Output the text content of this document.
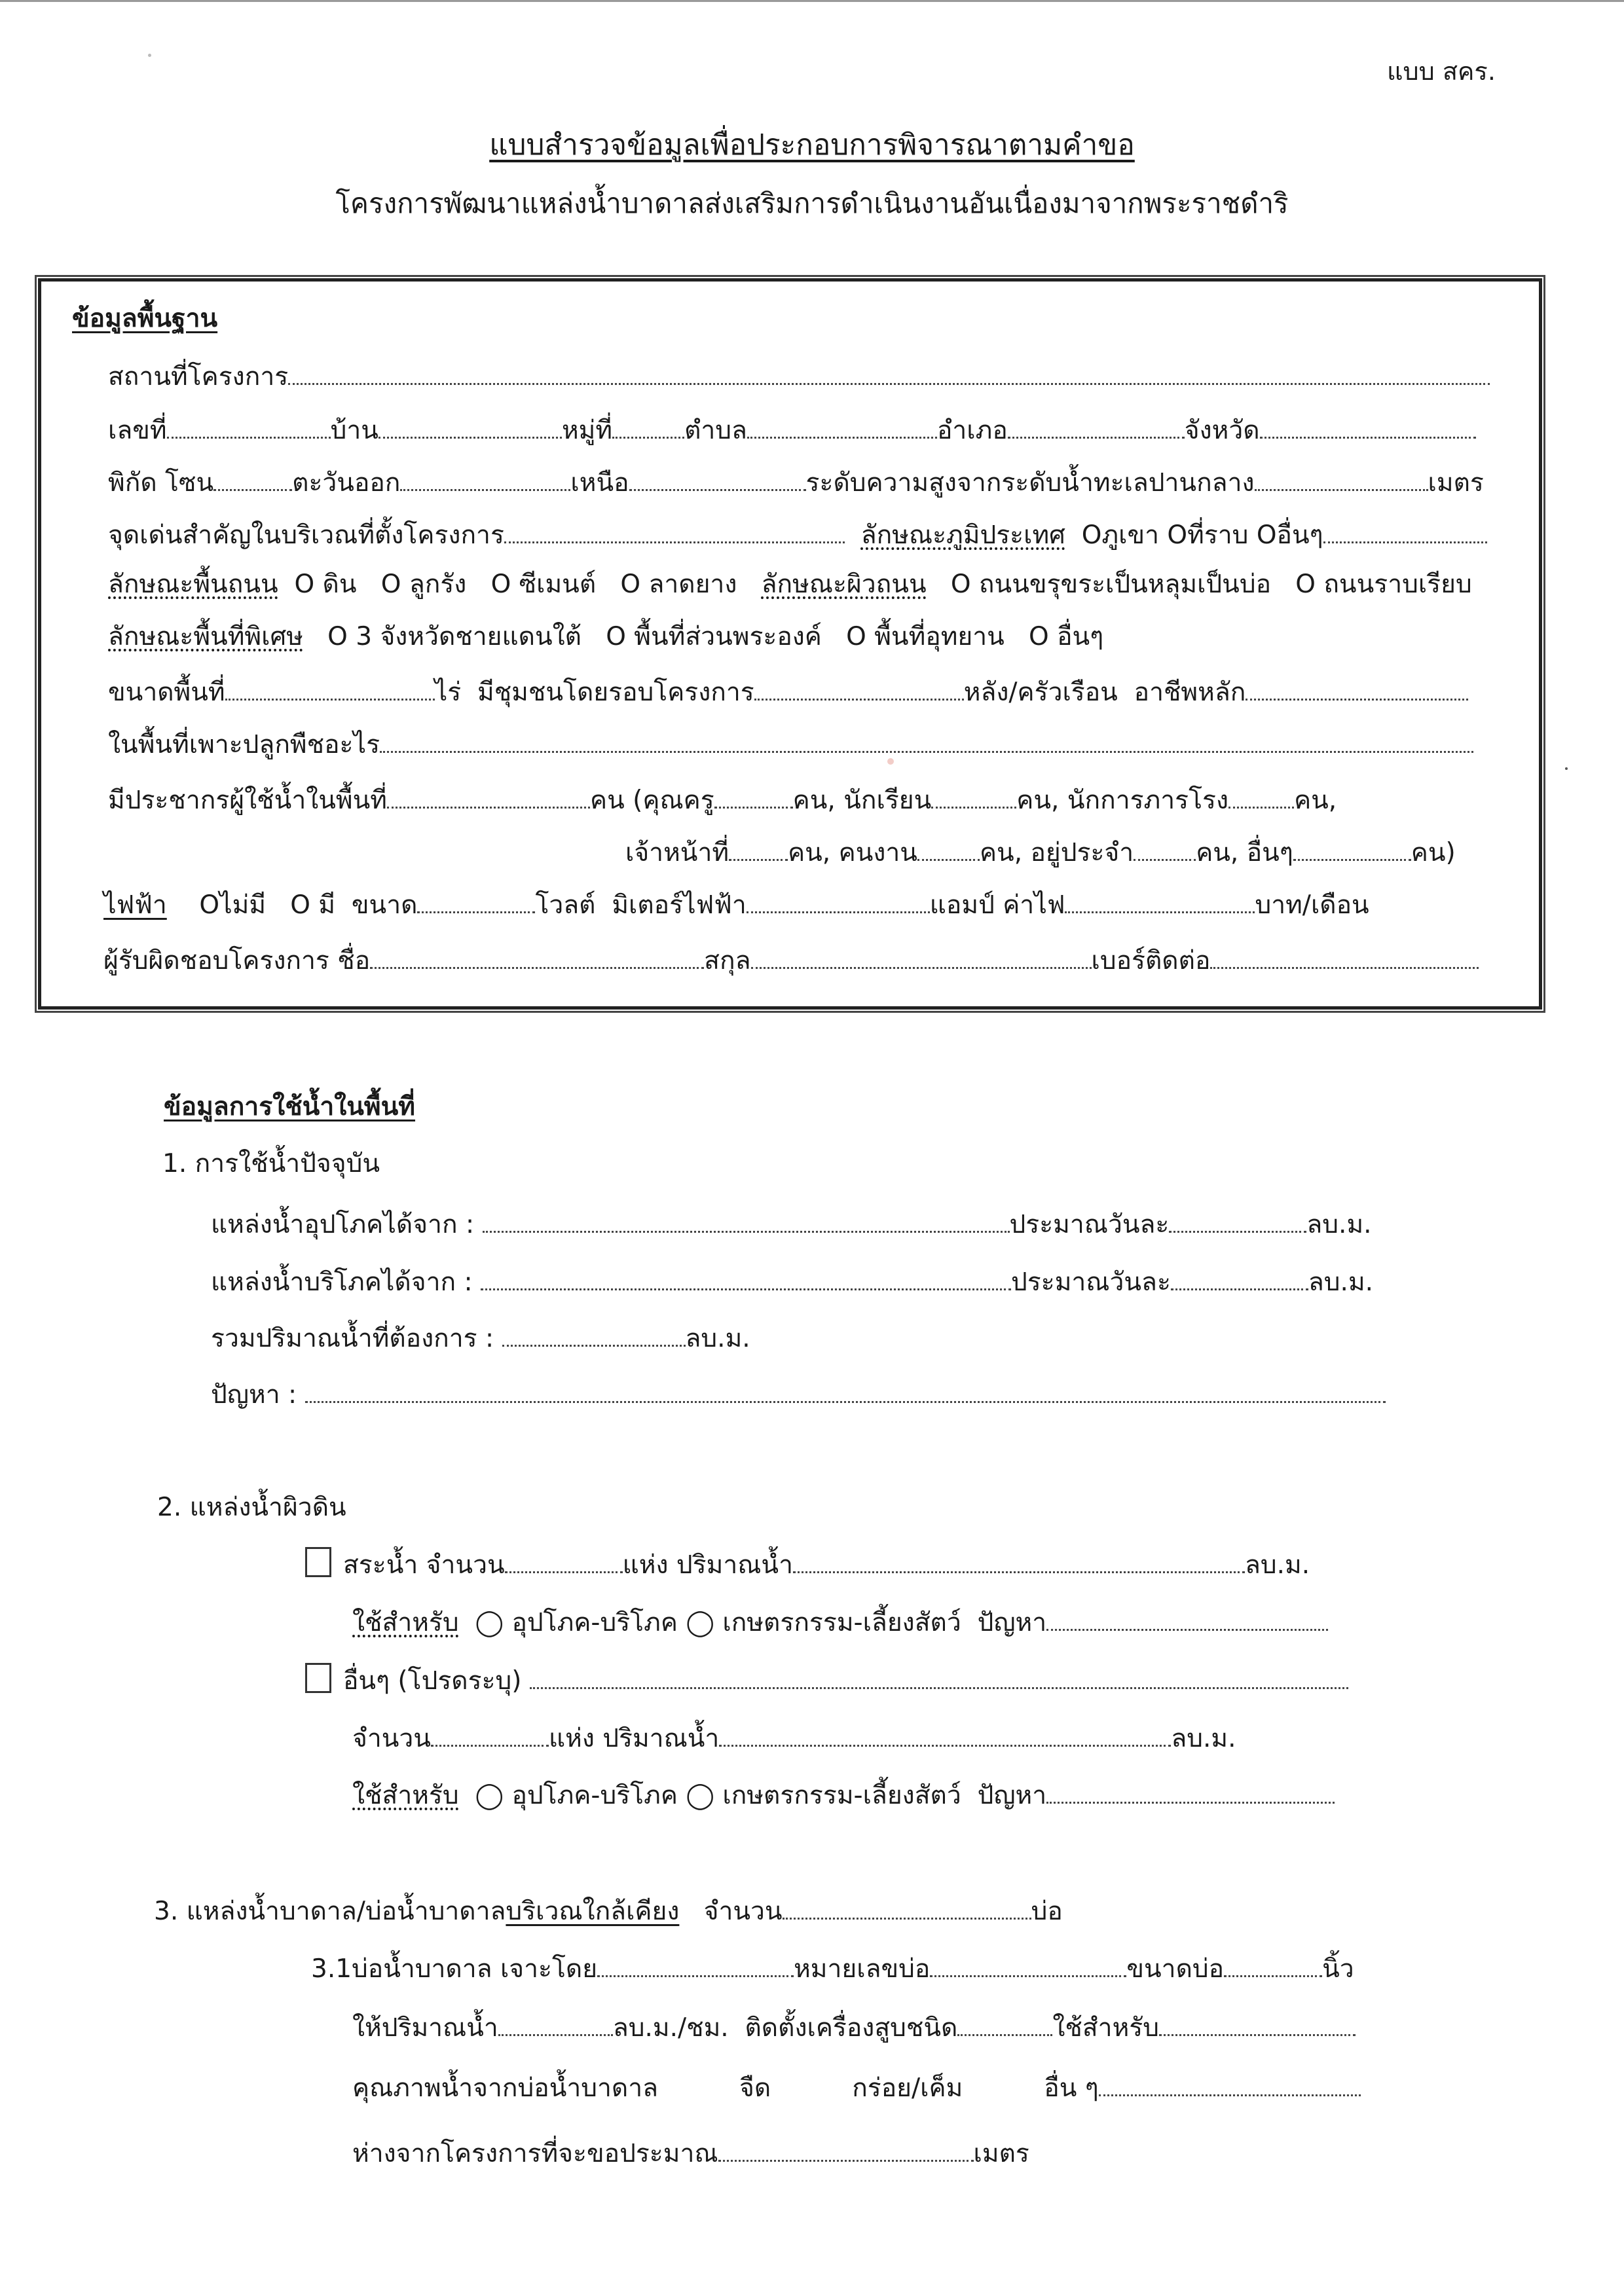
แบบ สคร.
แบบสำรวจข้อมูลเพื่อประกอบการพิจารณาตามคำขอ
โครงการพัฒนาแหล่งน้ำบาดาลส่งเสริมการดำเนินงานอันเนื่องมาจากพระราชดำริ
ข้อมูลพื้นฐาน
สถานที่โครงการ
เลขที่	บ้าน	หมู่ที่	ตำบล	อำเภอ	จังหวัด
พิกัด โซน	ตะวันออก	เหนือ	ระดับความสูงจากระดับน้ำทะเลปานกลาง	เมตร
จุดเด่นสำคัญในบริเวณที่ตั้งโครงการ	ลักษณะภูมิประเทศ Oภูเขา Oที่ราบ Oอื่นๆ
ลักษณะพื้นถนน O ดิน O ลูกรัง O ซีเมนต์ O ลาดยาง ลักษณะผิวถนน O ถนนขรุขระเป็นหลุมเป็นบ่อ O ถนนราบเรียบ
ลักษณะพื้นที่พิเศษ O 3 จังหวัดชายแดนใต้ O พื้นที่ส่วนพระองค์ O พื้นที่อุทยาน O อื่นๆ
ขนาดพื้นที่	ไร่ มีชุมชนโดยรอบโครงการ	หลัง/ครัวเรือน อาชีพหลัก
ในพื้นที่เพาะปลูกพืชอะไร
มีประชากรผู้ใช้น้ำในพื้นที่	คน (คุณครู	คน, นักเรียน	คน, นักการภารโรง	คน,
เจ้าหน้าที่ คน, คนงาน คน, อยู่ประจำ คน, อื่นๆ	คน)
ไฟฟ้า Oไม่มี O มี ขนาด	โวลต์ มิเตอร์ไฟฟ้า	แอมป์ ค่าไฟ	บาท/เดือน
ผู้รับผิดชอบโครงการ ชื่อ	สกุล	เบอร์ติดต่อ
ข้อมูลการใช้น้ำในพื้นที่
1. การใช้น้ำปัจจุบัน
แหล่งน้ำอุปโภคได้จาก :	ประมาณวันละ	ลบ.ม.
แหล่งน้ำบริโภคได้จาก :	ประมาณวันละ	ลบ.ม.
รวมปริมาณน้ำที่ต้องการ :	ลบ.ม.
ปัญหา :
2. แหล่งน้ำผิวดิน
สระน้ำ จำนวน	แห่ง ปริมาณน้ำ	ลบ.ม.
ใช้สำหรับ ◯ อุปโภค-บริโภค ◯ เกษตรกรรม-เลี้ยงสัตว์ ปัญหา
อื่นๆ (โปรดระบุ)
จำนวน	แห่ง ปริมาณน้ำ	ลบ.ม.
ใช้สำหรับ ◯ อุปโภค-บริโภค ◯ เกษตรกรรม-เลี้ยงสัตว์ ปัญหา
3. แหล่งน้ำบาดาล/บ่อน้ำบาดาลบริเวณใกล้เคียง จำนวน	บ่อ
3.1บ่อน้ำบาดาล เจาะโดย	หมายเลขบ่อ	ขนาดบ่อ	นิ้ว
ให้ปริมาณน้ำ	ลบ.ม./ชม. ติดตั้งเครื่องสูบชนิด	ใช้สำหรับ
คุณภาพน้ำจากบ่อน้ำบาดาล	จืด	กร่อย/เค็ม	อื่น ๆ
ห่างจากโครงการที่จะขอประมาณ	เมตร
